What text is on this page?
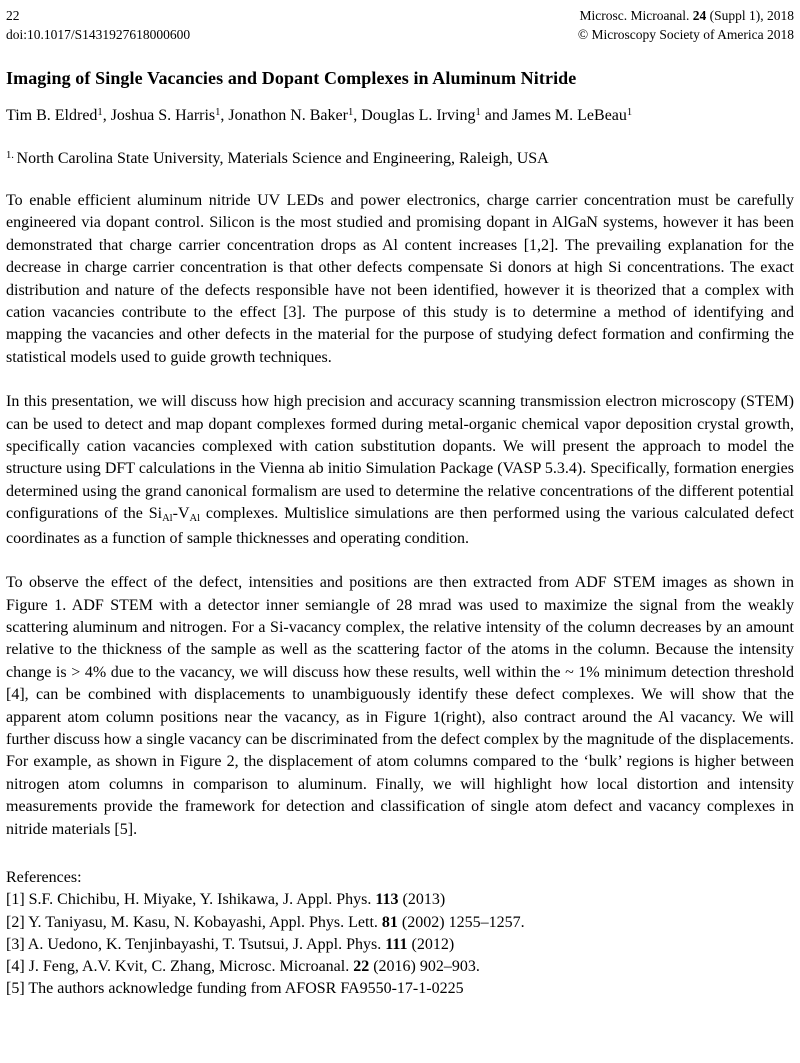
22
doi:10.1017/S1431927618000600
Microsc. Microanal. 24 (Suppl 1), 2018
© Microscopy Society of America 2018
Imaging of Single Vacancies and Dopant Complexes in Aluminum Nitride
Tim B. Eldred$^1$, Joshua S. Harris$^1$, Jonathon N. Baker$^1$, Douglas L. Irving$^1$ and James M. LeBeau$^1$
$^{1.}$ North Carolina State University, Materials Science and Engineering, Raleigh, USA

To enable efficient aluminum nitride UV LEDs and power electronics, charge carrier concentration must be carefully engineered via dopant control. Silicon is the most studied and promising dopant in AlGaN systems, however it has been demonstrated that charge carrier concentration drops as Al content increases [1,2]. The prevailing explanation for the decrease in charge carrier concentration is that other defects compensate Si donors at high Si concentrations. The exact distribution and nature of the defects responsible have not been identified, however it is theorized that a complex with cation vacancies contribute to the effect [3]. The purpose of this study is to determine a method of identifying and mapping the vacancies and other defects in the material for the purpose of studying defect formation and confirming the statistical models used to guide growth techniques.

In this presentation, we will discuss how high precision and accuracy scanning transmission electron microscopy (STEM) can be used to detect and map dopant complexes formed during metal-organic chemical vapor deposition crystal growth, specifically cation vacancies complexed with cation substitution dopants. We will present the approach to model the structure using DFT calculations in the Vienna ab initio Simulation Package (VASP 5.3.4). Specifically, formation energies determined using the grand canonical formalism are used to determine the relative concentrations of the different potential configurations of the SiAl-VAl complexes. Multislice simulations are then performed using the various calculated defect coordinates as a function of sample thicknesses and operating condition.

To observe the effect of the defect, intensities and positions are then extracted from ADF STEM images as shown in Figure 1. ADF STEM with a detector inner semiangle of 28 mrad was used to maximize the signal from the weakly scattering aluminum and nitrogen. For a Si-vacancy complex, the relative intensity of the column decreases by an amount relative to the thickness of the sample as well as the scattering factor of the atoms in the column. Because the intensity change is > 4% due to the vacancy, we will discuss how these results, well within the ~ 1% minimum detection threshold [4], can be combined with displacements to unambiguously identify these defect complexes. We will show that the apparent atom column positions near the vacancy, as in Figure 1(right), also contract around the Al vacancy. We will further discuss how a single vacancy can be discriminated from the defect complex by the magnitude of the displacements. For example, as shown in Figure 2, the displacement of atom columns compared to the ‘bulk’ regions is higher between nitrogen atom columns in comparison to aluminum. Finally, we will highlight how local distortion and intensity measurements provide the framework for detection and classification of single atom defect and vacancy complexes in nitride materials [5].

References:
[1] S.F. Chichibu, H. Miyake, Y. Ishikawa, J. Appl. Phys. 113 (2013)
[2] Y. Taniyasu, M. Kasu, N. Kobayashi, Appl. Phys. Lett. 81 (2002) 1255–1257.
[3] A. Uedono, K. Tenjinbayashi, T. Tsutsui, J. Appl. Phys. 111 (2012)
[4] J. Feng, A.V. Kvit, C. Zhang, Microsc. Microanal. 22 (2016) 902–903.
[5] The authors acknowledge funding from AFOSR FA9550-17-1-0225
